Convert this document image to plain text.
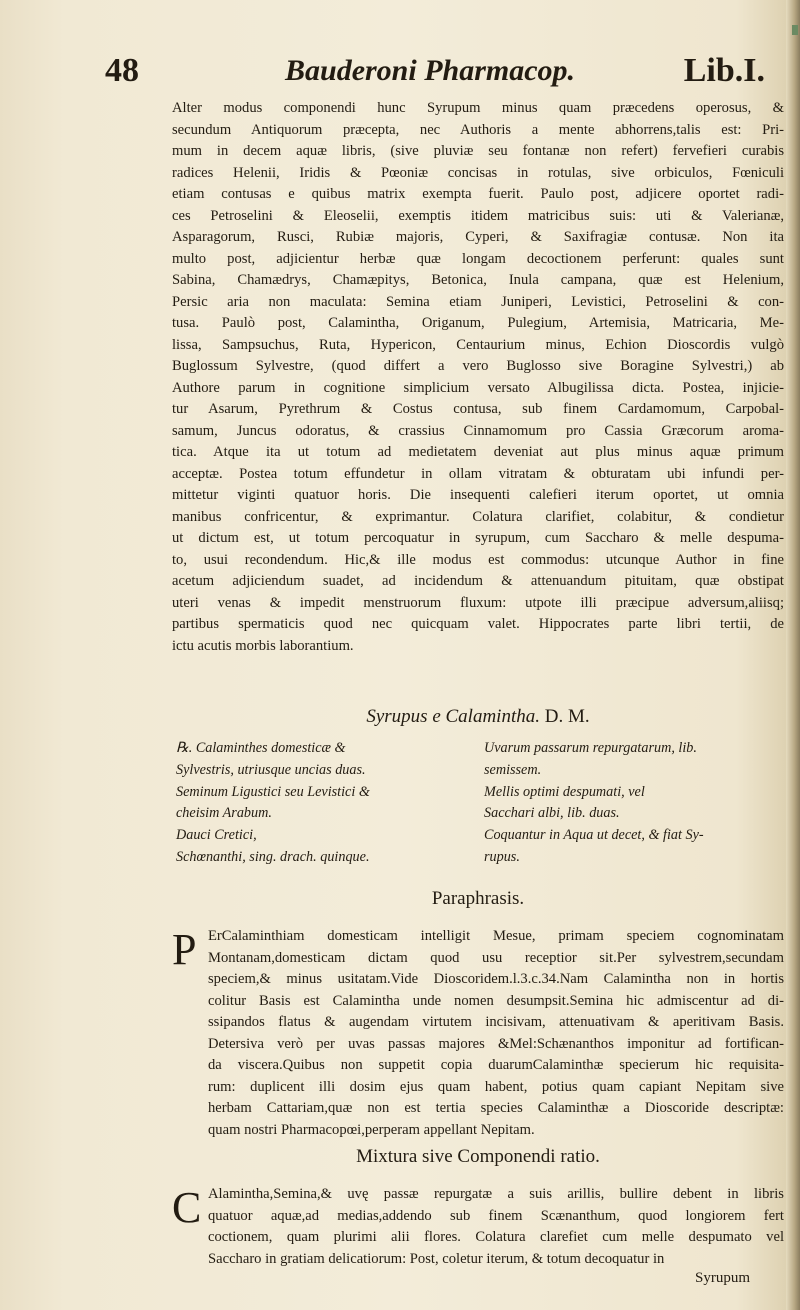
48	Bauderoni Pharmacop.	Lib.I.
Alter modus componendi hunc Syrupum minus quam præcedens operosus, &
secundum Antiquorum præcepta, nec Authoris a mente abhorrens,talis est: Pri-
mum in decem aquæ libris, (sive pluviæ seu fontanæ non refert) fervefieri curabis
radices Helenii, Iridis & Pœoniæ concisas in rotulas, sive orbiculos, Fœniculi
etiam contusas e quibus matrix exempta fuerit. Paulo post, adjicere oportet radi-
ces Petroselini & Eleoselii, exemptis itidem matricibus suis: uti & Valerianæ,
Asparagorum, Rusci, Rubiæ majoris, Cyperi, & Saxifragiæ contusæ. Non ita
multo post, adjicientur herbæ quæ longam decoctionem perferunt: quales sunt
Sabina, Chamædrys, Chamæpitys, Betonica, Inula campana, quæ est Helenium,
Persic aria non maculata: Semina etiam Juniperi, Levistici, Petroselini & con-
tusa. Paulò post, Calamintha, Origanum, Pulegium, Artemisia, Matricaria, Me-
lissa, Sampsuchus, Ruta, Hypericon, Centaurium minus, Echion Dioscordis vulgò
Buglossum Sylvestre, (quod differt a vero Buglosso sive Boragine Sylvestri,) ab
Authore parum in cognitione simplicium versato Albugilissa dicta. Postea, injicie-
tur Asarum, Pyrethrum & Costus contusa, sub finem Cardamomum, Carpobal-
samum, Juncus odoratus, & crassius Cinnamomum pro Cassia Græcorum aroma-
tica. Atque ita ut totum ad medietatem deveniat aut plus minus aquæ primum
acceptæ. Postea totum effundetur in ollam vitratam & obturatam ubi infundi per-
mittetur viginti quatuor horis. Die insequenti calefieri iterum oportet, ut omnia
manibus confricentur, & exprimantur. Colatura clarifiet, colabitur, & condietur
ut dictum est, ut totum percoquatur in syrupum, cum Saccharo & melle despuma-
to, usui recondendum. Hic,& ille modus est commodus: utcunque Author in fine
acetum adjiciendum suadet, ad incidendum & attenuandum pituitam, quæ obstipat
uteri venas & impedit menstruorum fluxum: utpote illi præcipue adversum,aliisq;
partibus spermaticis quod nec quicquam valet. Hippocrates parte libri tertii, de
ictu acutis morbis laborantium.
Syrupus e Calamintha. D. M.
℞. Calaminthes domesticæ &
Sylvestris, utriusque uncias duas.
Seminum Ligustici seu Levistici &
cheisim Arabum.
Dauci Cretici,
Schœnanthi, sing. drach. quinque.
Uvarum passarum repurgatarum, lib.
semissem.
Mellis optimi despumati, vel
Sacchari albi, lib. duas.
Coquantur in Aqua ut decet, & fiat Sy-
rupus.
Paraphrasis.
P ErCalaminthiam domesticam intelligit Mesue, primam speciem cognominatam
Montanam,domesticam dictam quod usu receptior sit.Per sylvestrem,secundam
speciem,& minus usitatam.Vide Dioscoridem.l.3.c.34.Nam Calamintha non in hortis
colitur Basis est Calamintha unde nomen desumpsit.Semina hic admiscentur ad di-
ssipandos flatus & augendam virtutem incisivam, attenuativam & aperitivam Basis.
Detersiva verò per uvas passas majores &Mel:Schænanthos imponitur ad fortifican-
da viscera.Quibus non suppetit copia duarumCalaminthæ specierum hic requisita-
rum: duplicent illi dosim ejus quam habent, potius quam capiant Nepitam sive
herbam Cattariam,quæ non est tertia species Calaminthæ a Dioscoride descriptæ:
quam nostri Pharmacopœi,perperam appellant Nepitam.
Mixtura sive Componendi ratio.
C Alamintha,Semina,& uvę passæ repurgatæ a suis arillis, bullire debent in libris
quatuor aquæ,ad medias,addendo sub finem Scænanthum, quod longiorem fert
coctionem, quam plurimi alii flores. Colatura clarefiet cum melle despumato vel
Saccharo in gratiam delicatiorum: Post, coletur iterum, & totum decoquatur in
Syrupum
